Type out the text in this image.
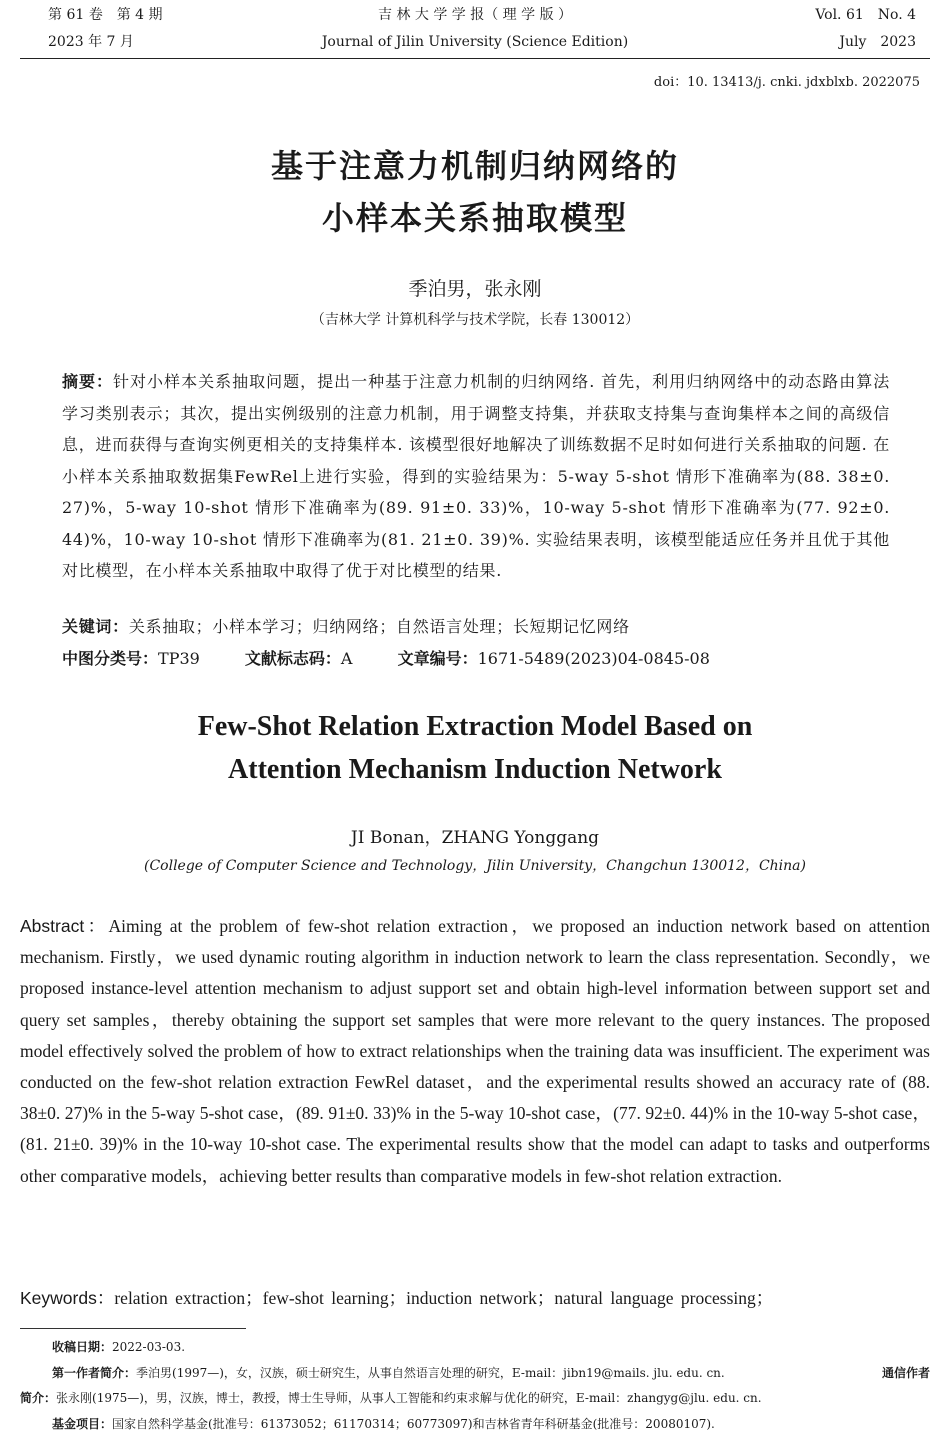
第 61 卷　第 4 期
2023 年 7 月
吉 林 大 学 学 报（ 理 学 版 ）
Journal of Jilin University (Science Edition)
Vol. 61　No. 4
July　2023
doi：10. 13413/j. cnki. jdxblxb. 2022075
基于注意力机制归纳网络的
小样本关系抽取模型
季泊男，张永刚
（吉林大学 计算机科学与技术学院，长春 130012）
摘要：针对小样本关系抽取问题，提出一种基于注意力机制的归纳网络. 首先，利用归纳网络中的动态路由算法学习类别表示；其次，提出实例级别的注意力机制，用于调整支持集，并获取支持集与查询集样本之间的高级信息，进而获得与查询实例更相关的支持集样本. 该模型很好地解决了训练数据不足时如何进行关系抽取的问题. 在小样本关系抽取数据集FewRel上进行实验，得到的实验结果为：5-way 5-shot 情形下准确率为(88. 38±0. 27)%，5-way 10-shot 情形下准确率为(89. 91±0. 33)%，10-way 5-shot 情形下准确率为(77. 92±0. 44)%，10-way 10-shot 情形下准确率为(81. 21±0. 39)%. 实验结果表明，该模型能适应任务并且优于其他对比模型，在小样本关系抽取中取得了优于对比模型的结果.
关键词：关系抽取；小样本学习；归纳网络；自然语言处理；长短期记忆网络
中图分类号：TP39	文献标志码：A	文章编号：1671-5489(2023)04-0845-08
Few-Shot Relation Extraction Model Based on
Attention Mechanism Induction Network
JI Bonan，ZHANG Yonggang
(College of Computer Science and Technology，Jilin University，Changchun 130012，China)
Abstract：Aiming at the problem of few-shot relation extraction，we proposed an induction network based on attention mechanism. Firstly，we used dynamic routing algorithm in induction network to learn the class representation. Secondly，we proposed instance-level attention mechanism to adjust support set and obtain high-level information between support set and query set samples，thereby obtaining the support set samples that were more relevant to the query instances. The proposed model effectively solved the problem of how to extract relationships when the training data was insufficient. The experiment was conducted on the few-shot relation extraction FewRel dataset，and the experimental results showed an accuracy rate of (88. 38±0. 27)% in the 5-way 5-shot case，(89. 91±0. 33)% in the 5-way 10-shot case，(77. 92±0. 44)% in the 10-way 5-shot case，(81. 21±0. 39)% in the 10-way 10-shot case. The experimental results show that the model can adapt to tasks and outperforms other comparative models，achieving better results than comparative models in few-shot relation extraction.
Keywords：relation extraction；few-shot learning；induction network；natural language processing；
收稿日期：2022-03-03.
第一作者简介：季泊男(1997—)，女，汉族，硕士研究生，从事自然语言处理的研究，E-mail：jibn19@mails. jlu. edu. cn.	通信作者
简介：张永刚(1975—)，男，汉族，博士，教授，博士生导师，从事人工智能和约束求解与优化的研究，E-mail：zhangyg@jlu. edu. cn.
基金项目：国家自然科学基金(批准号：61373052；61170314；60773097)和吉林省青年科研基金(批准号：20080107).
